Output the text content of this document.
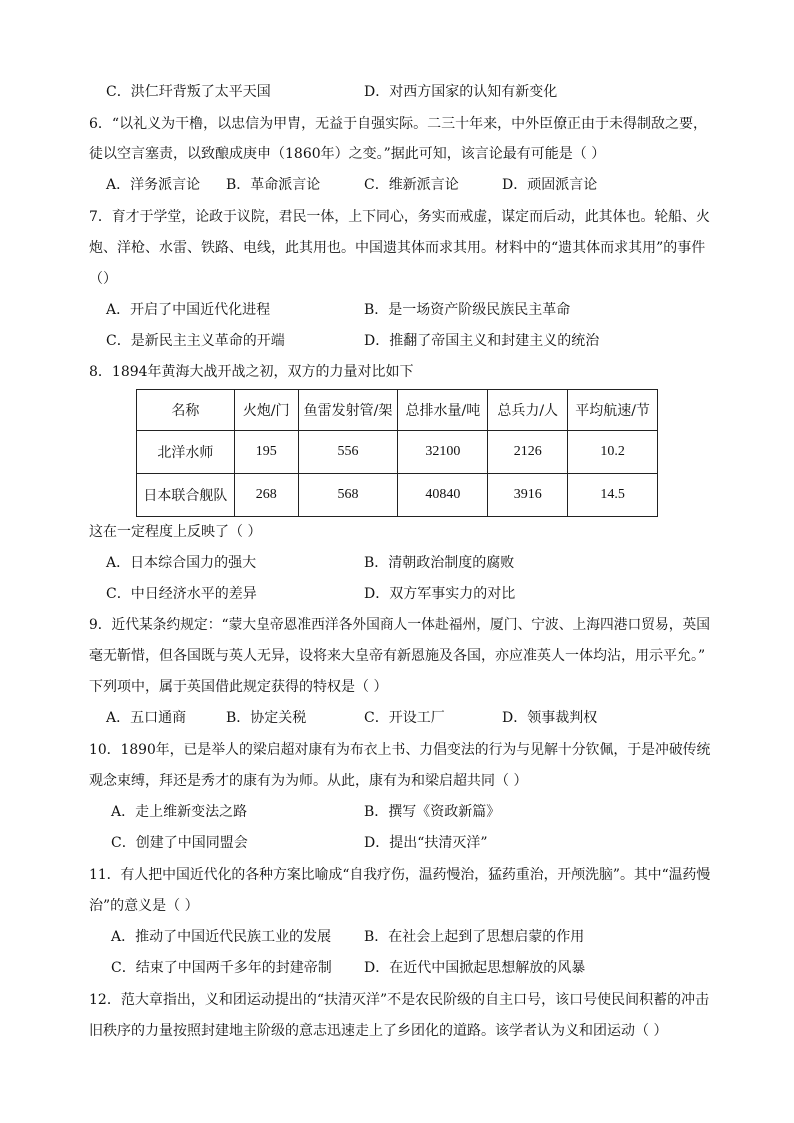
C．洪仁玕背叛了太平天国	D．对西方国家的认知有新变化
6．“以礼义为干橹，以忠信为甲胄，无益于自强实际。二三十年来，中外臣僚正由于未得制敌之要，
徒以空言塞责，以致酿成庚申（1860年）之变。”据此可知，该言论最有可能是（ ）
A．洋务派言论 B．革命派言论	C．维新派言论	D．顽固派言论
7．育才于学堂，论政于议院，君民一体，上下同心，务实而戒虚，谋定而后动，此其体也。轮船、火
炮、洋枪、水雷、铁路、电线，此其用也。中国遗其体而求其用。材料中的“遗其体而求其用”的事件
（）
A．开启了中国近代化进程	B．是一场资产阶级民族民主革命
C．是新民主主义革命的开端	D．推翻了帝国主义和封建主义的统治
8．1894年黄海大战开战之初，双方的力量对比如下
名称	火炮/门	鱼雷发射管/架	总排水量/吨	总兵力/人	平均航速/节
北洋水师	195	556	32100	2126	10.2
日本联合舰队	268	568	40840	3916	14.5
这在一定程度上反映了（ ）
A．日本综合国力的强大	B．清朝政治制度的腐败
C．中日经济水平的差异	D．双方军事实力的对比
9．近代某条约规定：“蒙大皇帝恩准西洋各外国商人一体赴福州，厦门、宁波、上海四港口贸易，英国
毫无靳惜，但各国既与英人无异，设将来大皇帝有新恩施及各国，亦应准英人一体均沾，用示平允。”
下列项中，属于英国借此规定获得的特权是（ ）
A．五口通商	B．协定关税	C．开设工厂	D．领事裁判权
10．1890年，已是举人的梁启超对康有为布衣上书、力倡变法的行为与见解十分钦佩，于是冲破传统
观念束缚，拜还是秀才的康有为为师。从此，康有为和梁启超共同（ ）
A．走上维新变法之路	B．撰写《资政新篇》
C．创建了中国同盟会	D．提出“扶清灭洋”
11．有人把中国近代化的各种方案比喻成“自我疗伤，温药慢治，猛药重治，开颅洗脑”。其中“温药慢
治”的意义是（ ）
A．推动了中国近代民族工业的发展 B．在社会上起到了思想启蒙的作用
C．结束了中国两千多年的封建帝制 D．在近代中国掀起思想解放的风暴
12．范大章指出，义和团运动提出的“扶清灭洋”不是农民阶级的自主口号，该口号使民间积蓄的冲击
旧秩序的力量按照封建地主阶级的意志迅速走上了乡团化的道路。该学者认为义和团运动（ ）
